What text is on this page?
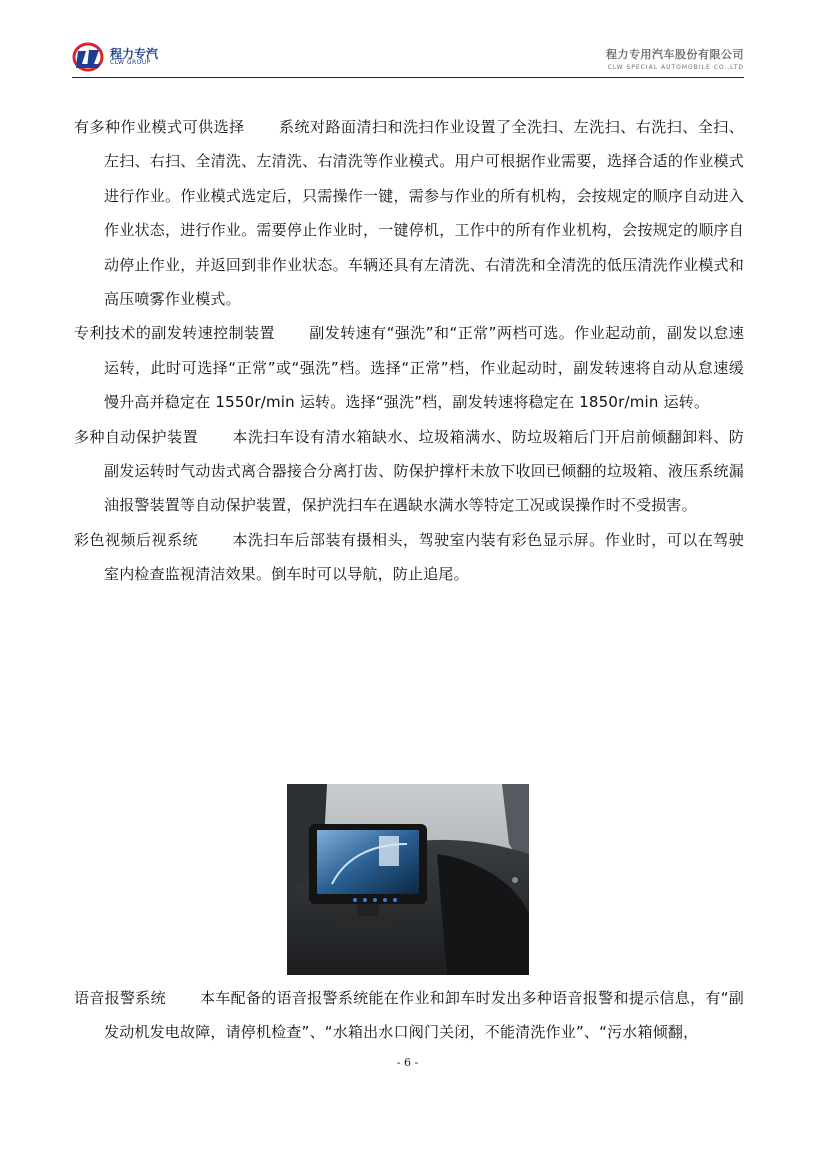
程力专汽
CLW GROUP
程力专用汽车股份有限公司
CLW SPECIAL AUTOMOBILE CO.,LTD

有多种作业模式可供选择 系统对路面清扫和洗扫作业设置了全洗扫、左洗扫、右洗扫、全扫、左扫、右扫、全清洗、左清洗、右清洗等作业模式。用户可根据作业需要，选择合适的作业模式进行作业。作业模式选定后，只需操作一键，需参与作业的所有机构，会按规定的顺序自动进入作业状态，进行作业。需要停止作业时，一键停机，工作中的所有作业机构，会按规定的顺序自动停止作业，并返回到非作业状态。车辆还具有左清洗、右清洗和全清洗的低压清洗作业模式和高压喷雾作业模式。

专利技术的副发转速控制装置 副发转速有“强洗”和“正常”两档可选。作业起动前，副发以怠速运转，此时可选择“正常”或“强洗”档。选择“正常”档，作业起动时，副发转速将自动从怠速缓慢升高并稳定在 1550r/min 运转。选择“强洗”档，副发转速将稳定在 1850r/min 运转。

多种自动保护装置 本洗扫车设有清水箱缺水、垃圾箱满水、防垃圾箱后门开启前倾翻卸料、防副发运转时气动齿式离合器接合分离打齿、防保护撑杆未放下收回已倾翻的垃圾箱、液压系统漏油报警装置等自动保护装置，保护洗扫车在遇缺水满水等特定工况或误操作时不受损害。

彩色视频后视系统 本洗扫车后部装有摄相头，驾驶室内装有彩色显示屏。作业时，可以在驾驶室内检查监视清洁效果。倒车时可以导航，防止追尾。

语音报警系统 本车配备的语音报警系统能在作业和卸车时发出多种语音报警和提示信息，有“副发动机发电故障，请停机检查”、“水箱出水口阀门关闭，不能清洗作业”、“污水箱倾翻，

- 6 -
